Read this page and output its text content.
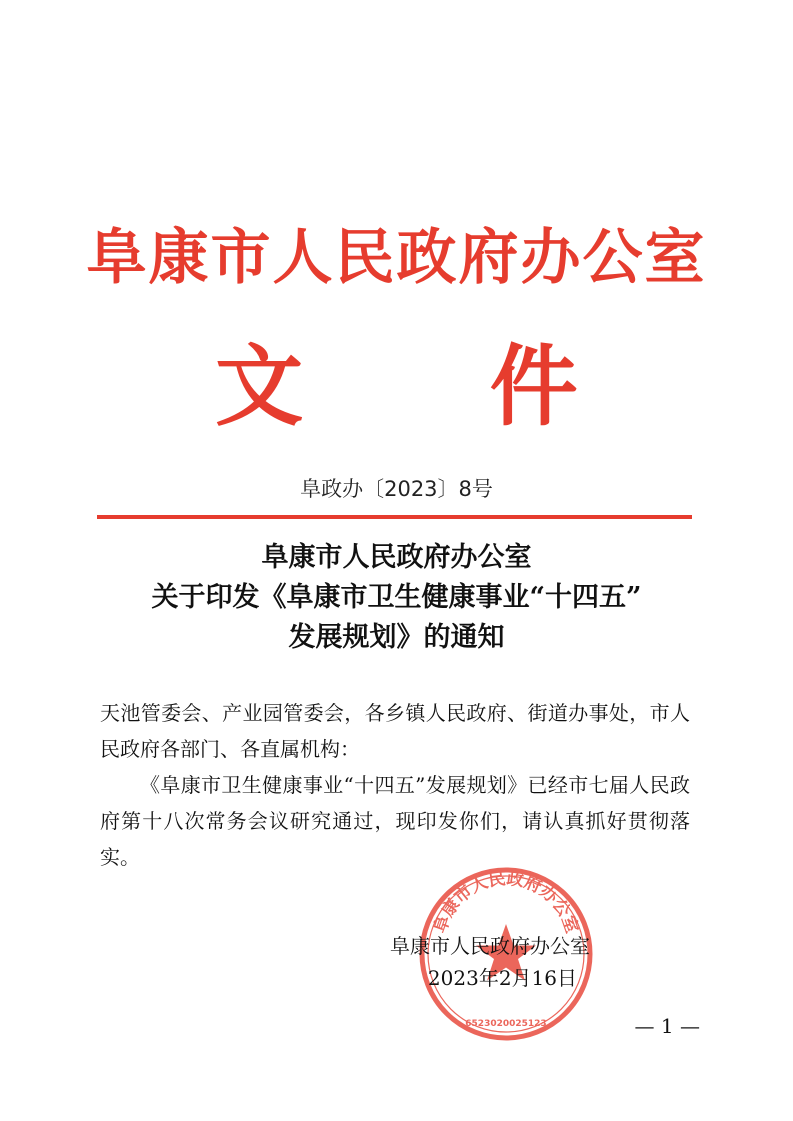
阜康市人民政府办公室
文 件
阜政办〔2023〕8号
阜康市人民政府办公室
关于印发《阜康市卫生健康事业“十四五”
发展规划》的通知

天池管委会、产业园管委会，各乡镇人民政府、街道办事处，市人民政府各部门、各直属机构：

《阜康市卫生健康事业“十四五”发展规划》已经市七届人民政府第十八次常务会议研究通过，现印发你们，请认真抓好贯彻落实。

阜康市人民政府办公室
6523020025123
阜康市人民政府办公室
2023年2月16日
— 1 —
